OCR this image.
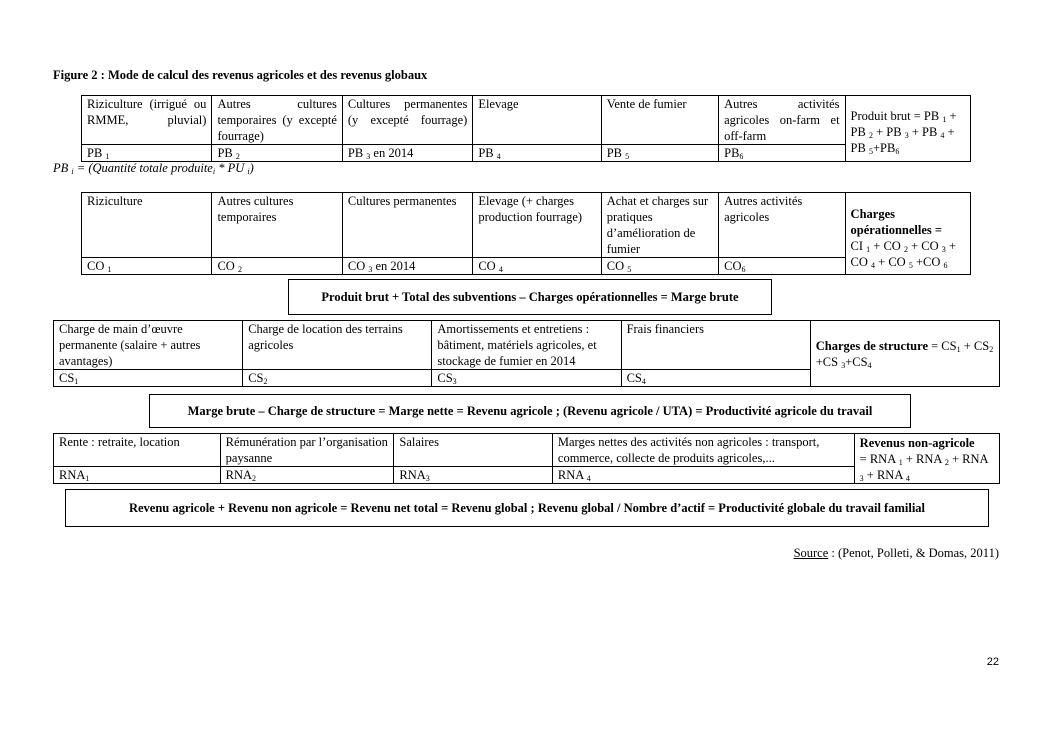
Figure 2 : Mode de calcul des revenus agricoles et des revenus globaux
Riziculture (irrigué ou RMME, pluvial)	Autres cultures temporaires (y excepté fourrage)	Cultures permanentes (y excepté fourrage)	Elevage	Vente de fumier	Autres activités agricoles on-farm et off-farm	Produit brut = PB $_1$ + PB $_2$ + PB $_3$ + PB $_4$ + PB $_5+PB_6$
PB $_1$	PB $_2$	PB $_3$ en 2014	PB $_4$	PB $_5$	$PB_6$
PB $_i$ = (Quantité totale produite$_i$ * PU $_i$)
Riziculture	Autres cultures temporaires	Cultures permanentes	Elevage (+ charges production fourrage)	Achat et charges sur pratiques d’amélioration de fumier	Autres activités agricoles	Charges opérationnelles =
CI $_1$ + CO $_2$ + CO $_3$ + CO $_4$ + CO $_5$ +CO $_6$
CO $_1$	CO $_2$	CO $_3$ en 2014	CO $_4$	CO $_5$	$CO_6$
Produit brut + Total des subventions – Charges opérationnelles = Marge brute
Charge de main d’œuvre permanente (salaire + autres avantages)	Charge de location des terrains agricoles	Amortissements et entretiens : bâtiment, matériels agricoles, et stockage de fumier en 2014	Frais financiers	Charges de structure = $CS_1 + CS_2 +CS$ $_3+CS_4$
$CS_1$	$CS_2$	$CS_3$	$CS_4$
Marge brute – Charge de structure = Marge nette = Revenu agricole ; (Revenu agricole / UTA) = Productivité agricole du travail
Rente : retraite, location	Rémunération par l’organisation paysanne	Salaires	Marges nettes des activités non agricoles : transport, commerce, collecte de produits agricoles,...	Revenus non-agricole
= RNA $_1$ + RNA $_2$ + RNA $_3$ + RNA $_4$
$RNA_1$	$RNA_2$	$RNA_3$	RNA $_4$
Revenu agricole + Revenu non agricole = Revenu net total = Revenu global ; Revenu global / Nombre d’actif = Productivité globale du travail familial
Source : (Penot, Polleti, & Domas, 2011)
22
